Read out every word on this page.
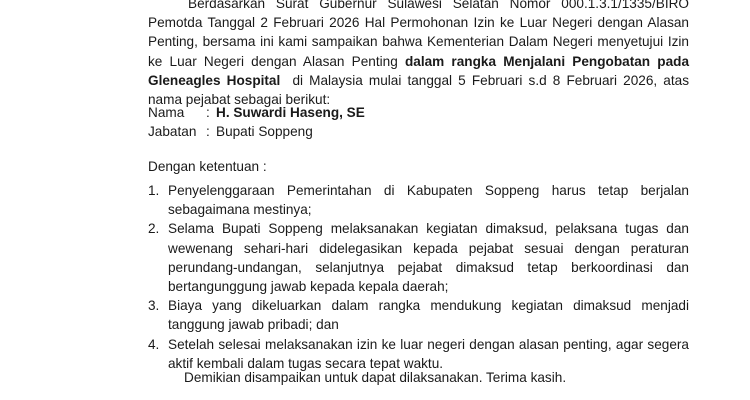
Berdasarkan Surat Gubernur Sulawesi Selatan Nomor 000.1.3.1/1335/BIRO Pemotda Tanggal 2 Februari 2026 Hal Permohonan Izin ke Luar Negeri dengan Alasan Penting, bersama ini kami sampaikan bahwa Kementerian Dalam Negeri menyetujui Izin ke Luar Negeri dengan Alasan Penting dalam rangka Menjalani Pengobatan pada Gleneagles Hospital di Malaysia mulai tanggal 5 Februari s.d 8 Februari 2026, atas nama pejabat sebagai berikut:

Nama : H. Suwardi Haseng, SE
Jabatan : Bupati Soppeng

Dengan ketentuan :

1. Penyelenggaraan Pemerintahan di Kabupaten Soppeng harus tetap berjalan sebagaimana mestinya;
2. Selama Bupati Soppeng melaksanakan kegiatan dimaksud, pelaksana tugas dan wewenang sehari-hari didelegasikan kepada pejabat sesuai dengan peraturan perundang-undangan, selanjutnya pejabat dimaksud tetap berkoordinasi dan bertangunggung jawab kepada kepala daerah;
3. Biaya yang dikeluarkan dalam rangka mendukung kegiatan dimaksud menjadi tanggung jawab pribadi; dan
4. Setelah selesai melaksanakan izin ke luar negeri dengan alasan penting, agar segera aktif kembali dalam tugas secara tepat waktu.

Demikian disampaikan untuk dapat dilaksanakan. Terima kasih.
